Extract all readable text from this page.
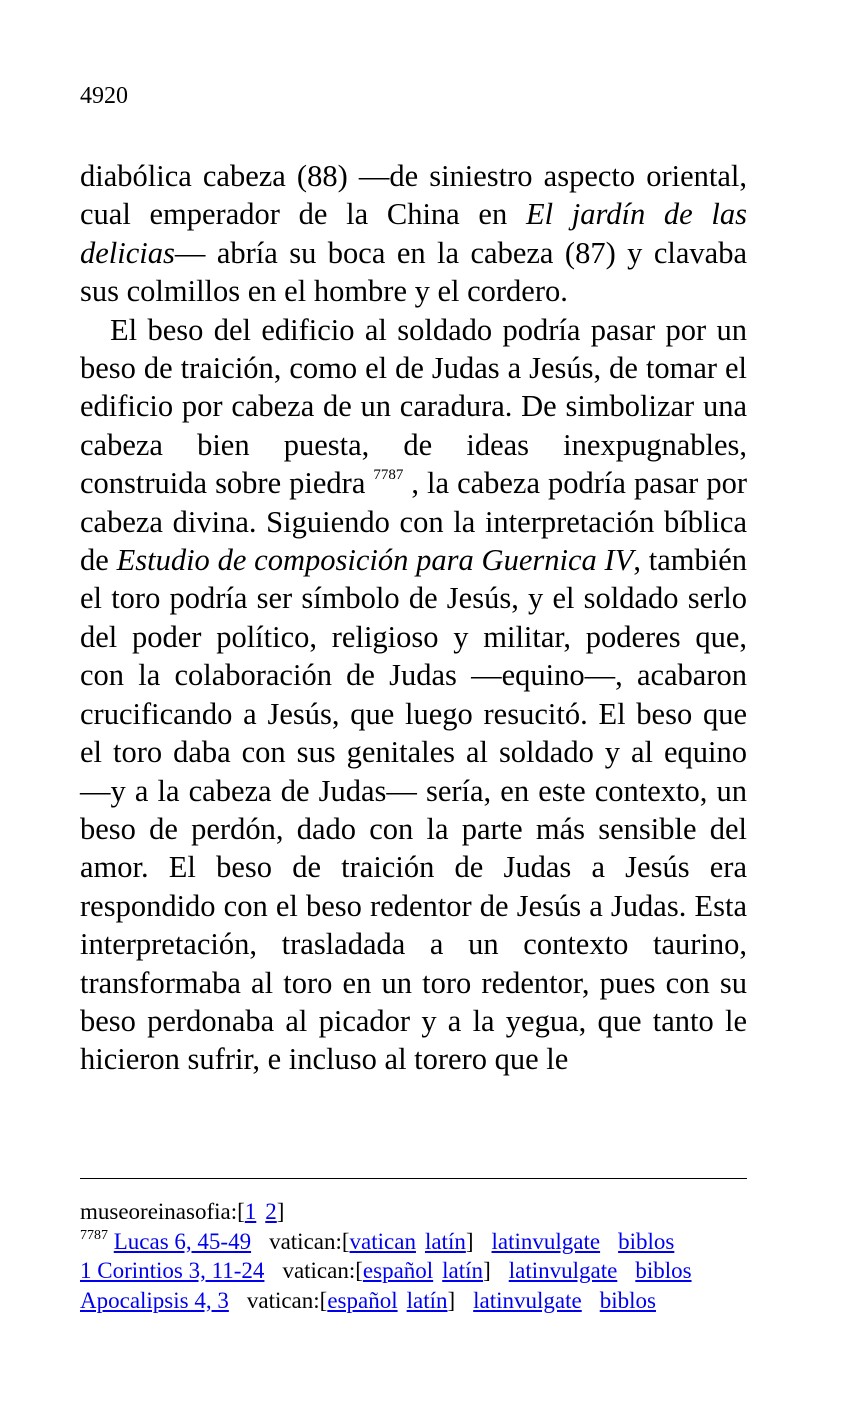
4920

diabólica cabeza (88) —de siniestro aspecto oriental, cual emperador de la China en El jardín de las delicias— abría su boca en la cabeza (87) y clavaba sus colmillos en el hombre y el cordero.

El beso del edificio al soldado podría pasar por un beso de traición, como el de Judas a Jesús, de tomar el edificio por cabeza de un caradura. De simbolizar una cabeza bien puesta, de ideas inexpugnables, construida sobre piedra $^{7787}$ , la cabeza podría pasar por cabeza divina. Siguiendo con la interpretación bíblica de Estudio de composición para Guernica IV, también el toro podría ser símbolo de Jesús, y el soldado serlo del poder político, religioso y militar, poderes que, con la colaboración de Judas —equino—, acabaron crucificando a Jesús, que luego resucitó. El beso que el toro daba con sus genitales al soldado y al equino —y a la cabeza de Judas— sería, en este contexto, un beso de perdón, dado con la parte más sensible del amor. El beso de traición de Judas a Jesús era respondido con el beso redentor de Jesús a Judas. Esta interpretación, trasladada a un contexto taurino, transformaba al toro en un toro redentor, pues con su beso perdonaba al picador y a la yegua, que tanto le hicieron sufrir, e incluso al torero que le

museoreinasofia:[1 2]
$^{7787}$ Lucas 6, 45-49 vatican:[vatican latín] latinvulgate biblos
1 Corintios 3, 11-24 vatican:[español latín] latinvulgate biblos
Apocalipsis 4, 3 vatican:[español latín] latinvulgate biblos
